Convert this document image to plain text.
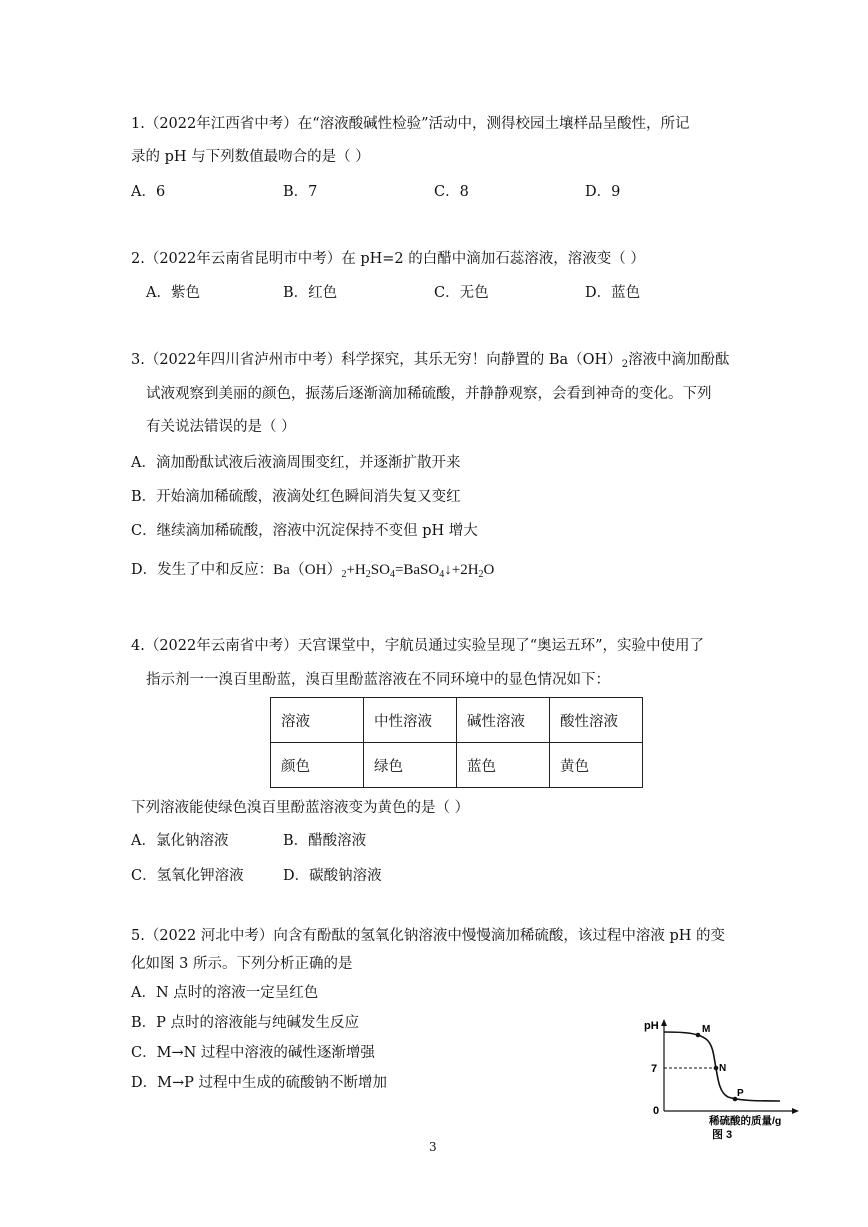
1.（2022年江西省中考）在“溶液酸碱性检验”活动中，测得校园土壤样品呈酸性，所记
录的 pH 与下列数值最吻合的是（ ）
A．6	B．7	C．8	D．9
2.（2022年云南省昆明市中考）在 pH=2 的白醋中滴加石蕊溶液，溶液变（ ）
A．紫色	B．红色	C．无色	D．蓝色
3.（2022年四川省泸州市中考）科学探究，其乐无穷！向静置的 $Ba(OH)_2$溶液中滴加酚酞
试液观察到美丽的颜色，振荡后逐渐滴加稀硫酸，并静静观察，会看到神奇的变化。下列
有关说法错误的是（ ）
A．滴加酚酞试液后液滴周围变红，并逐渐扩散开来
B．开始滴加稀硫酸，液滴处红色瞬间消失复又变红
C．继续滴加稀硫酸，溶液中沉淀保持不变但 pH 增大
D．发生了中和反应：$Ba(OH)_2+H_2SO_4=BaSO_4↓+2H_2O$
4.（2022年云南省中考）天宫课堂中，宇航员通过实验呈现了“奥运五环”，实验中使用了
指示剂一一溴百里酚蓝，溴百里酚蓝溶液在不同环境中的显色情况如下：
溶液	中性溶液	碱性溶液	酸性溶液
颜色	绿色	蓝色	黄色
下列溶液能使绿色溴百里酚蓝溶液变为黄色的是（ ）
A．氯化钠溶液	B．醋酸溶液
C．氢氧化钾溶液	D．碳酸钠溶液
5.（2022 河北中考）向含有酚酞的氢氧化钠溶液中慢慢滴加稀硫酸，该过程中溶液 pH 的变
化如图 3 所示。下列分析正确的是
A．N 点时的溶液一定呈红色
B．P 点时的溶液能与纯碱发生反应
C．M→N 过程中溶液的碱性逐渐增强
D．M→P 过程中生成的硫酸钠不断增加
pH
7
0
M
N
P
稀硫酸的质量/g
图 3
3
